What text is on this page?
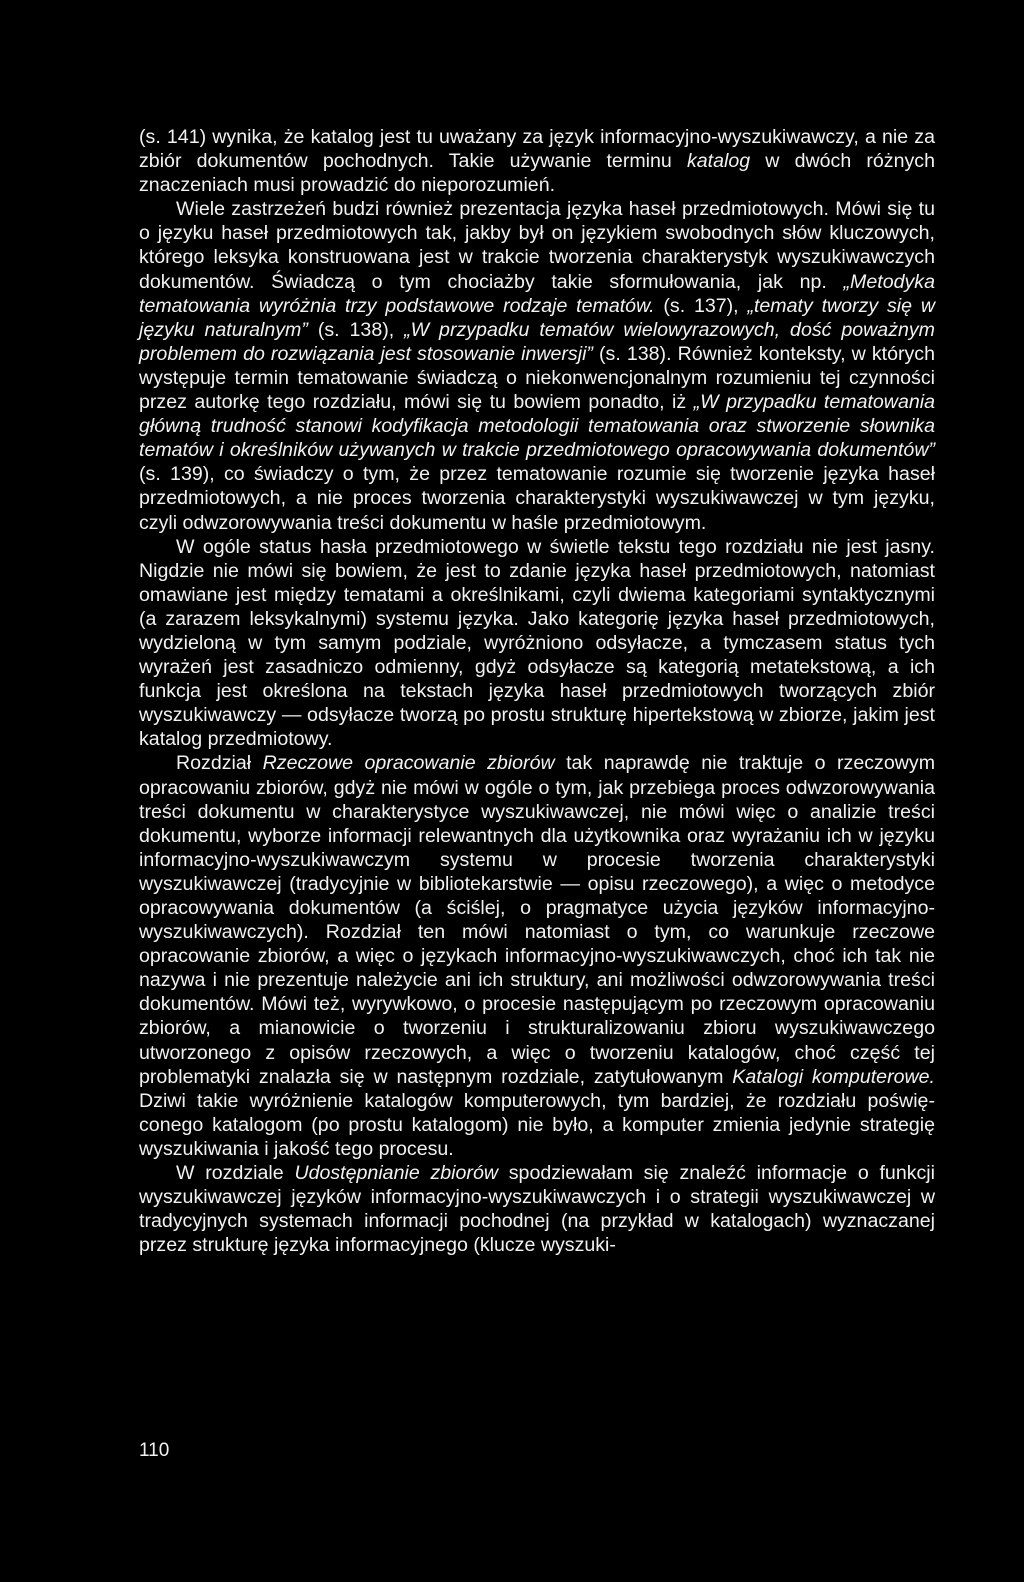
(s. 141) wynika, że katalog jest tu uważany za język informacyjno-wyszukiwawczy, a nie za zbiór dokumentów pochodnych. Takie używanie terminu katalog w dwóch różnych znaczeniach musi prowadzić do nieporozumień.

Wiele zastrzeżeń budzi również prezentacja języka haseł przedmiotowych. Mówi się tu o języku haseł przedmiotowych tak, jakby był on językiem swobodnych słów kluczowych, którego leksyka konstruowana jest w trakcie tworzenia charakterystyk wyszukiwawczych dokumentów. Świadczą o tym chociażby takie sformułowania, jak np. „Metodyka tematowania wyróżnia trzy podstawowe rodzaje tematów. (s. 137), „tematy tworzy się w języku naturalnym” (s. 138), „W przypadku tematów wielowyrazowych, dość poważnym problemem do rozwiązania jest stosowanie inwersji” (s. 138). Również konteksty, w których występuje termin tematowanie świadczą o niekonwencjonalnym rozumieniu tej czynności przez autorkę tego rozdziału, mówi się tu bowiem ponadto, iż „W przypadku tematowania główną trudność stanowi kodyfikacja metodologii tematowania oraz stworzenie słownika tematów i określników używanych w trakcie przedmiotowego opracowywania dokumentów” (s. 139), co świadczy o tym, że przez tematowanie rozumie się tworzenie języka haseł przedmiotowych, a nie proces tworzenia charakterystyki wyszukiwawczej w tym języku, czyli odwzorowywania treści dokumentu w haśle przedmiotowym.

W ogóle status hasła przedmiotowego w świetle tekstu tego rozdziału nie jest jasny. Nigdzie nie mówi się bowiem, że jest to zdanie języka haseł przedmiotowych, natomiast omawiane jest między tematami a określnikami, czyli dwiema kategoriami syntaktycznymi (a zarazem leksykalnymi) systemu języka. Jako kategorię języka haseł przedmiotowych, wydzieloną w tym samym podziale, wyróżniono odsyłacze, a tymczasem status tych wyrażeń jest zasadniczo odmienny, gdyż odsyłacze są kategorią metatekstową, a ich funkcja jest określona na tekstach języka haseł przedmiotowych tworzących zbiór wyszukiwawczy — odsyłacze tworzą po prostu strukturę hipertekstową w zbiorze, jakim jest katalog przedmiotowy.

Rozdział Rzeczowe opracowanie zbiorów tak naprawdę nie traktuje o rzeczowym opracowaniu zbiorów, gdyż nie mówi w ogóle o tym, jak przebiega proces odwzorowywania treści dokumentu w charakterystyce wyszukiwawczej, nie mówi więc o analizie treści dokumentu, wyborze informacji relewantnych dla użytkownika oraz wyrażaniu ich w języku informacyjno-wyszukiwawczym systemu w procesie tworzenia charakterystyki wyszukiwawczej (tradycyjnie w bibliotekarstwie — opisu rzeczowego), a więc o metodyce opracowywania dokumentów (a ściślej, o pragmatyce użycia języków informacyjno-wyszukiwawczych). Rozdział ten mówi natomiast o tym, co warunkuje rzeczowe opracowanie zbiorów, a więc o językach informacyjno-wyszukiwawczych, choć ich tak nie nazywa i nie prezentuje należycie ani ich struktury, ani możliwości odwzorowywania treści dokumentów. Mówi też, wyrywkowo, o procesie następującym po rzeczowym opracowaniu zbiorów, a mianowicie o tworzeniu i strukturalizowaniu zbioru wyszukiwawczego utworzonego z opisów rzeczowych, a więc o tworzeniu katalogów, choć część tej problematyki znalazła się w następnym rozdziale, zatytułowanym Katalogi komputerowe. Dziwi takie wyróżnienie katalogów komputerowych, tym bardziej, że rozdziału poświęconego katalogom (po prostu katalogom) nie było, a komputer zmienia jedynie strategię wyszukiwania i jakość tego procesu.

W rozdziale Udostępnianie zbiorów spodziewałam się znaleźć informacje o funkcji wyszukiwawczej języków informacyjno-wyszukiwawczych i o strategii wyszukiwawczej w tradycyjnych systemach informacji pochodnej (na przykład w katalogach) wyznaczanej przez strukturę języka informacyjnego (klucze wyszuki-

110
